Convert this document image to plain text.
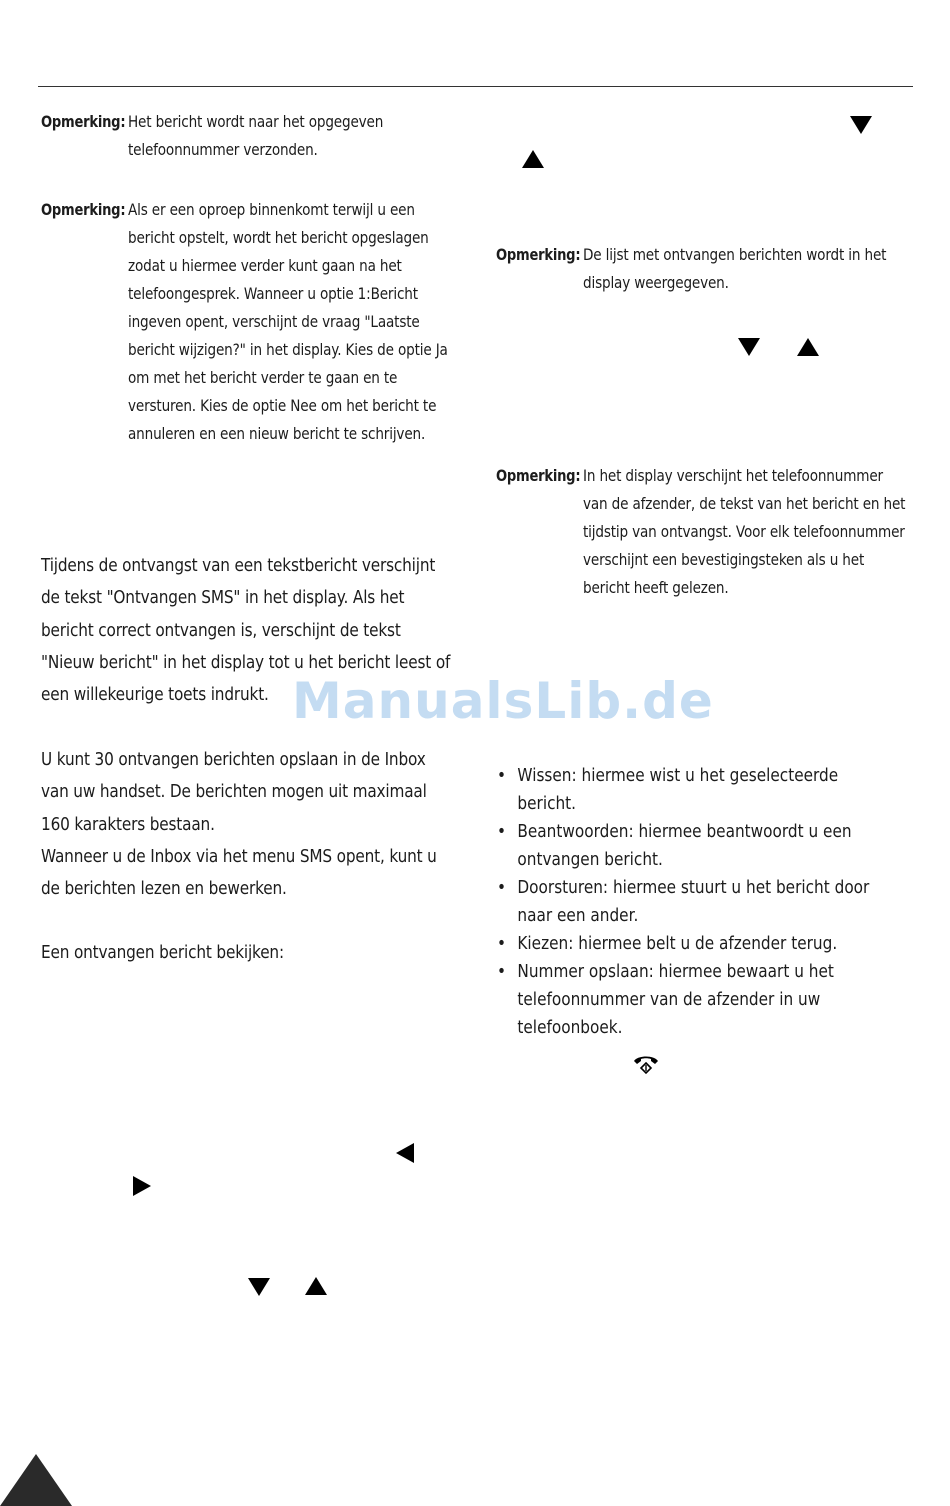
Opmerking: Het bericht wordt naar het opgegeven telefoonnummer verzonden.
Opmerking: Als er een oproep binnenkomt terwijl u een bericht opstelt, wordt het bericht opgeslagen zodat u hiermee verder kunt gaan na het telefoongesprek. Wanneer u optie 1:Bericht ingeven opent, verschijnt de vraag "Laatste bericht wijzigen?" in het display. Kies de optie Ja om met het bericht verder te gaan en te versturen. Kies de optie Nee om het bericht te annuleren en een nieuw bericht te schrijven.
Tijdens de ontvangst van een tekstbericht verschijnt de tekst "Ontvangen SMS" in het display. Als het bericht correct ontvangen is, verschijnt de tekst "Nieuw bericht" in het display tot u het bericht leest of een willekeurige toets indrukt.
U kunt 30 ontvangen berichten opslaan in de Inbox van uw handset. De berichten mogen uit maximaal 160 karakters bestaan.
Wanneer u de Inbox via het menu SMS opent, kunt u de berichten lezen en bewerken.
Een ontvangen bericht bekijken:
Opmerking: De lijst met ontvangen berichten wordt in het display weergegeven.
Opmerking: In het display verschijnt het telefoonnummer van de afzender, de tekst van het bericht en het tijdstip van ontvangst. Voor elk telefoonnummer verschijnt een bevestigingsteken als u het bericht heeft gelezen.
ManualsLib.de
• Wissen: hiermee wist u het geselecteerde bericht.
• Beantwoorden: hiermee beantwoordt u een ontvangen bericht.
• Doorsturen: hiermee stuurt u het bericht door naar een ander.
• Kiezen: hiermee belt u de afzender terug.
• Nummer opslaan: hiermee bewaart u het telefoonnummer van de afzender in uw telefoonboek.
